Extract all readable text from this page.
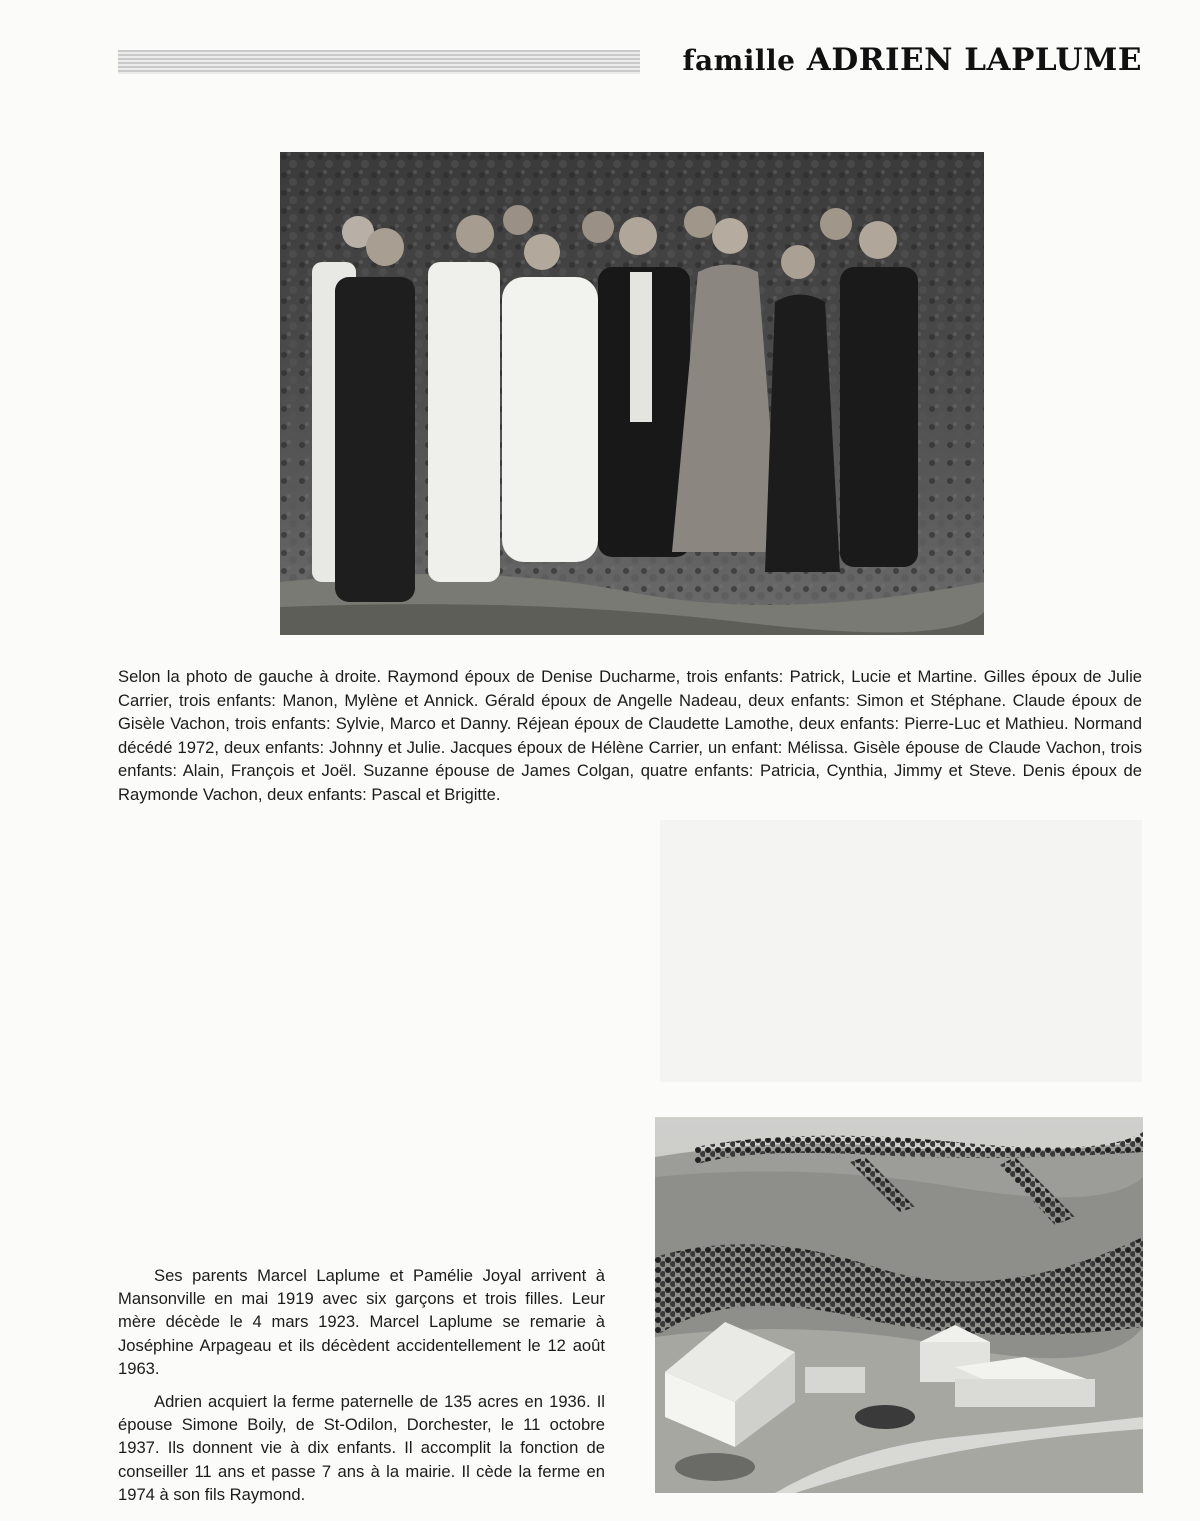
famille ADRIEN LAPLUME
Selon la photo de gauche à droite. Raymond époux de Denise Ducharme, trois enfants: Patrick, Lucie et Martine. Gilles époux de Julie Carrier, trois enfants: Manon, Mylène et Annick. Gérald époux de Angelle Nadeau, deux enfants: Simon et Stéphane. Claude époux de Gisèle Vachon, trois enfants: Sylvie, Marco et Danny. Réjean époux de Claudette Lamothe, deux enfants: Pierre-Luc et Mathieu. Normand décédé 1972, deux enfants: Johnny et Julie. Jacques époux de Hélène Carrier, un enfant: Mélissa. Gisèle épouse de Claude Vachon, trois enfants: Alain, François et Joël. Suzanne épouse de James Colgan, quatre enfants: Patricia, Cynthia, Jimmy et Steve. Denis époux de Raymonde Vachon, deux enfants: Pascal et Brigitte.

Ses parents Marcel Laplume et Pamélie Joyal arrivent à Mansonville en mai 1919 avec six garçons et trois filles. Leur mère décède le 4 mars 1923. Marcel Laplume se remarie à Joséphine Arpageau et ils décèdent accidentellement le 12 août 1963.

Adrien acquiert la ferme paternelle de 135 acres en 1936. Il épouse Simone Boily, de St-Odilon, Dorchester, le 11 octobre 1937. Ils donnent vie à dix enfants. Il accomplit la fonction de conseiller 11 ans et passe 7 ans à la mairie. Il cède la ferme en 1974 à son fils Raymond.
